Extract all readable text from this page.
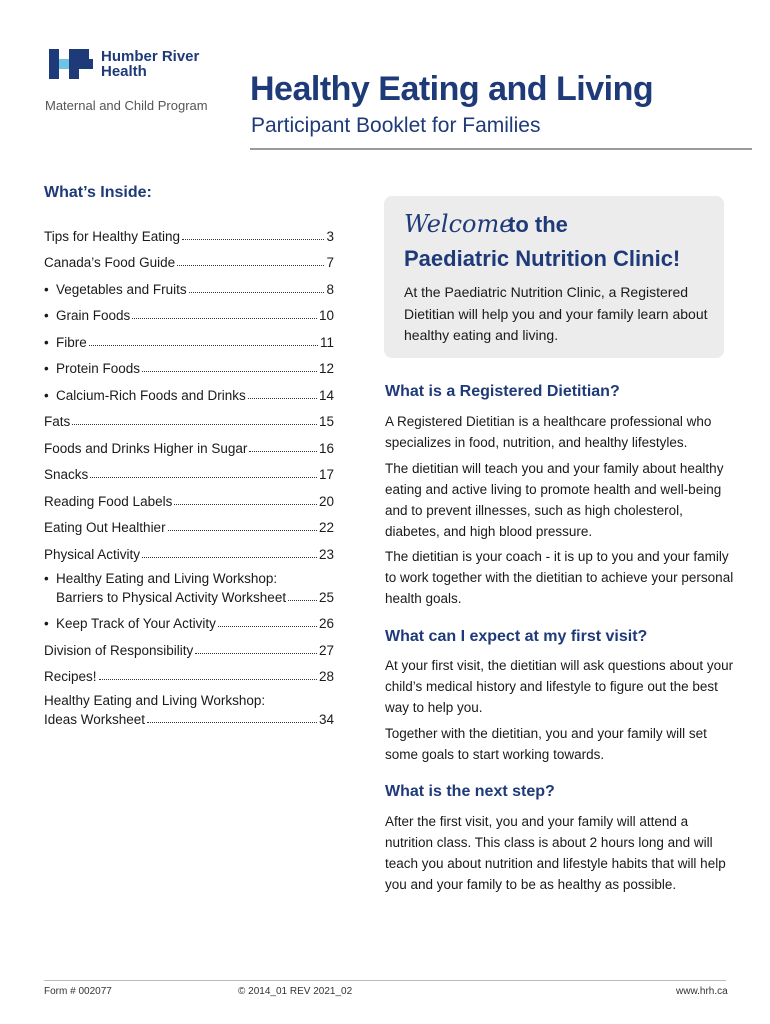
Humber River
Health
Maternal and Child Program Healthy Eating and Living
Participant Booklet for Families
What’s Inside:
Tips for Healthy Eating	3
Canada’s Food Guide	7
• Vegetables and Fruits	8
• Grain Foods	10
• Fibre	11
• Protein Foods	12
• Calcium-Rich Foods and Drinks	14
Fats	15
Foods and Drinks Higher in Sugar	16
Snacks	17
Reading Food Labels	20
Eating Out Healthier	22
Physical Activity	23
• Healthy Eating and Living Workshop:
Barriers to Physical Activity Worksheet 25
• Keep Track of Your Activity	26
Division of Responsibility	27
Recipes!	28
Healthy Eating and Living Workshop:
Ideas Worksheet	34
Welcome
to the
Paediatric Nutrition Clinic!
At the Paediatric Nutrition Clinic, a Registered Dietitian will help you and your family learn about healthy eating and living.
What is a Registered Dietitian?

A Registered Dietitian is a healthcare professional who specializes in food, nutrition, and healthy lifestyles.

The dietitian will teach you and your family about healthy eating and active living to promote health and well-being and to prevent illnesses, such as high cholesterol, diabetes, and high blood pressure.

The dietitian is your coach - it is up to you and your family to work together with the dietitian to achieve your personal health goals.

What can I expect at my first visit?

At your first visit, the dietitian will ask questions about your child’s medical history and lifestyle to figure out the best way to help you.

Together with the dietitian, you and your family will set some goals to start working towards.

What is the next step?

After the first visit, you and your family will attend a nutrition class. This class is about 2 hours long and will teach you about nutrition and lifestyle habits that will help you and your family to be as healthy as possible.

Form # 002077	© 2014_01 REV 2021_02	www.hrh.ca
